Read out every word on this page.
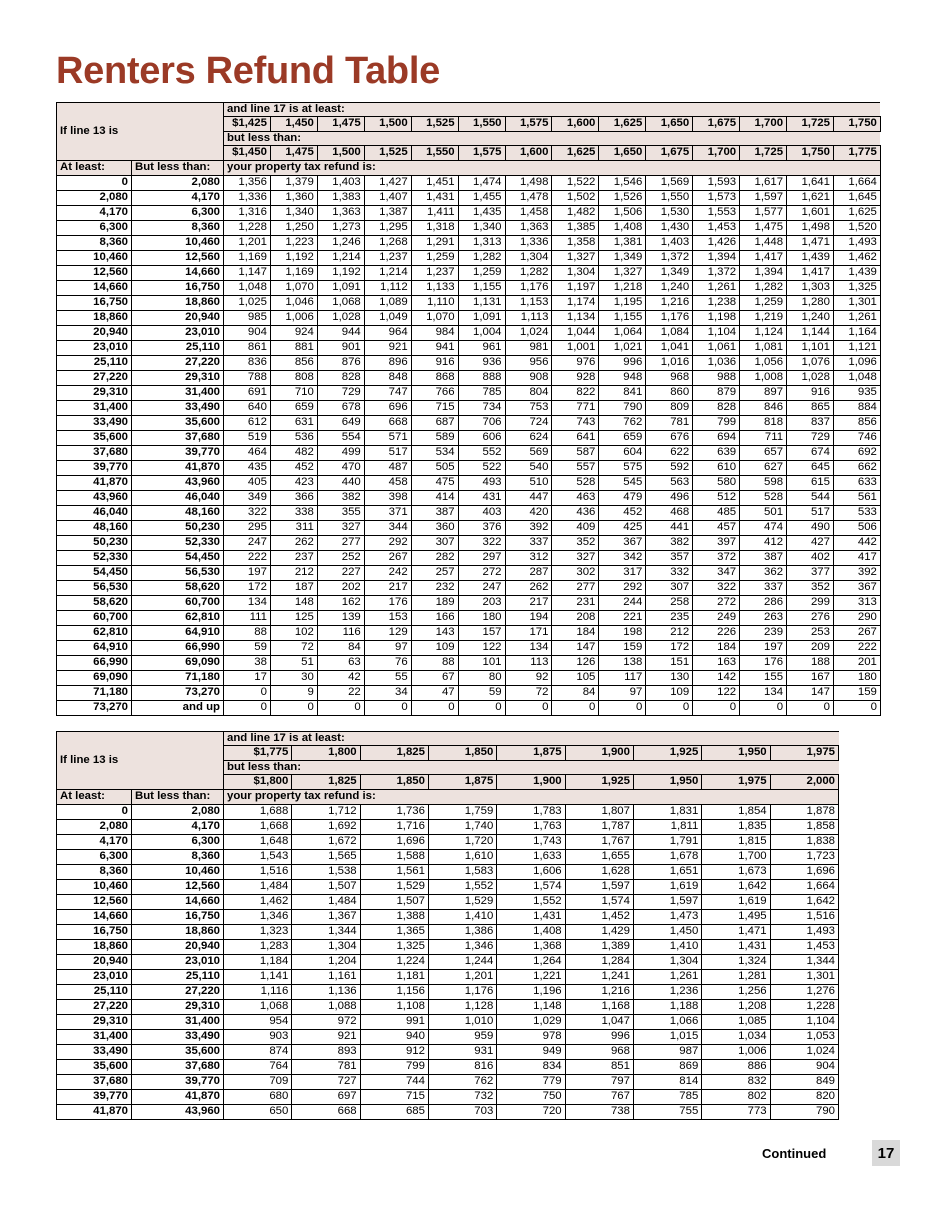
Renters Refund Table
If line 13 is		and line 17 is at least:													
		$1,425	1,450	1,475	1,500	1,525	1,550	1,575	1,600	1,625	1,650	1,675	1,700	1,725	1,750
		but less than:													
		$1,450	1,475	1,500	1,525	1,550	1,575	1,600	1,625	1,650	1,675	1,700	1,725	1,750	1,775
At least:	But less than:	your property tax refund is:													
0	2,080	1,356	1,379	1,403	1,427	1,451	1,474	1,498	1,522	1,546	1,569	1,593	1,617	1,641	1,664
2,080	4,170	1,336	1,360	1,383	1,407	1,431	1,455	1,478	1,502	1,526	1,550	1,573	1,597	1,621	1,645
4,170	6,300	1,316	1,340	1,363	1,387	1,411	1,435	1,458	1,482	1,506	1,530	1,553	1,577	1,601	1,625
6,300	8,360	1,228	1,250	1,273	1,295	1,318	1,340	1,363	1,385	1,408	1,430	1,453	1,475	1,498	1,520
8,360	10,460	1,201	1,223	1,246	1,268	1,291	1,313	1,336	1,358	1,381	1,403	1,426	1,448	1,471	1,493
10,460	12,560	1,169	1,192	1,214	1,237	1,259	1,282	1,304	1,327	1,349	1,372	1,394	1,417	1,439	1,462
12,560	14,660	1,147	1,169	1,192	1,214	1,237	1,259	1,282	1,304	1,327	1,349	1,372	1,394	1,417	1,439
14,660	16,750	1,048	1,070	1,091	1,112	1,133	1,155	1,176	1,197	1,218	1,240	1,261	1,282	1,303	1,325
16,750	18,860	1,025	1,046	1,068	1,089	1,110	1,131	1,153	1,174	1,195	1,216	1,238	1,259	1,280	1,301
18,860	20,940	985	1,006	1,028	1,049	1,070	1,091	1,113	1,134	1,155	1,176	1,198	1,219	1,240	1,261
20,940	23,010	904	924	944	964	984	1,004	1,024	1,044	1,064	1,084	1,104	1,124	1,144	1,164
23,010	25,110	861	881	901	921	941	961	981	1,001	1,021	1,041	1,061	1,081	1,101	1,121
25,110	27,220	836	856	876	896	916	936	956	976	996	1,016	1,036	1,056	1,076	1,096
27,220	29,310	788	808	828	848	868	888	908	928	948	968	988	1,008	1,028	1,048
29,310	31,400	691	710	729	747	766	785	804	822	841	860	879	897	916	935
31,400	33,490	640	659	678	696	715	734	753	771	790	809	828	846	865	884
33,490	35,600	612	631	649	668	687	706	724	743	762	781	799	818	837	856
35,600	37,680	519	536	554	571	589	606	624	641	659	676	694	711	729	746
37,680	39,770	464	482	499	517	534	552	569	587	604	622	639	657	674	692
39,770	41,870	435	452	470	487	505	522	540	557	575	592	610	627	645	662
41,870	43,960	405	423	440	458	475	493	510	528	545	563	580	598	615	633
43,960	46,040	349	366	382	398	414	431	447	463	479	496	512	528	544	561
46,040	48,160	322	338	355	371	387	403	420	436	452	468	485	501	517	533
48,160	50,230	295	311	327	344	360	376	392	409	425	441	457	474	490	506
50,230	52,330	247	262	277	292	307	322	337	352	367	382	397	412	427	442
52,330	54,450	222	237	252	267	282	297	312	327	342	357	372	387	402	417
54,450	56,530	197	212	227	242	257	272	287	302	317	332	347	362	377	392
56,530	58,620	172	187	202	217	232	247	262	277	292	307	322	337	352	367
58,620	60,700	134	148	162	176	189	203	217	231	244	258	272	286	299	313
60,700	62,810	111	125	139	153	166	180	194	208	221	235	249	263	276	290
62,810	64,910	88	102	116	129	143	157	171	184	198	212	226	239	253	267
64,910	66,990	59	72	84	97	109	122	134	147	159	172	184	197	209	222
66,990	69,090	38	51	63	76	88	101	113	126	138	151	163	176	188	201
69,090	71,180	17	30	42	55	67	80	92	105	117	130	142	155	167	180
71,180	73,270	0	9	22	34	47	59	72	84	97	109	122	134	147	159
73,270	and up	0	0	0	0	0	0	0	0	0	0	0	0	0	0
If line 13 is		and line 17 is at least:								
		$1,775	1,800	1,825	1,850	1,875	1,900	1,925	1,950	1,975
		but less than:								
		$1,800	1,825	1,850	1,875	1,900	1,925	1,950	1,975	2,000
At least:	But less than:	your property tax refund is:								
0	2,080	1,688	1,712	1,736	1,759	1,783	1,807	1,831	1,854	1,878
2,080	4,170	1,668	1,692	1,716	1,740	1,763	1,787	1,811	1,835	1,858
4,170	6,300	1,648	1,672	1,696	1,720	1,743	1,767	1,791	1,815	1,838
6,300	8,360	1,543	1,565	1,588	1,610	1,633	1,655	1,678	1,700	1,723
8,360	10,460	1,516	1,538	1,561	1,583	1,606	1,628	1,651	1,673	1,696
10,460	12,560	1,484	1,507	1,529	1,552	1,574	1,597	1,619	1,642	1,664
12,560	14,660	1,462	1,484	1,507	1,529	1,552	1,574	1,597	1,619	1,642
14,660	16,750	1,346	1,367	1,388	1,410	1,431	1,452	1,473	1,495	1,516
16,750	18,860	1,323	1,344	1,365	1,386	1,408	1,429	1,450	1,471	1,493
18,860	20,940	1,283	1,304	1,325	1,346	1,368	1,389	1,410	1,431	1,453
20,940	23,010	1,184	1,204	1,224	1,244	1,264	1,284	1,304	1,324	1,344
23,010	25,110	1,141	1,161	1,181	1,201	1,221	1,241	1,261	1,281	1,301
25,110	27,220	1,116	1,136	1,156	1,176	1,196	1,216	1,236	1,256	1,276
27,220	29,310	1,068	1,088	1,108	1,128	1,148	1,168	1,188	1,208	1,228
29,310	31,400	954	972	991	1,010	1,029	1,047	1,066	1,085	1,104
31,400	33,490	903	921	940	959	978	996	1,015	1,034	1,053
33,490	35,600	874	893	912	931	949	968	987	1,006	1,024
35,600	37,680	764	781	799	816	834	851	869	886	904
37,680	39,770	709	727	744	762	779	797	814	832	849
39,770	41,870	680	697	715	732	750	767	785	802	820
41,870	43,960	650	668	685	703	720	738	755	773	790
Continued	17
